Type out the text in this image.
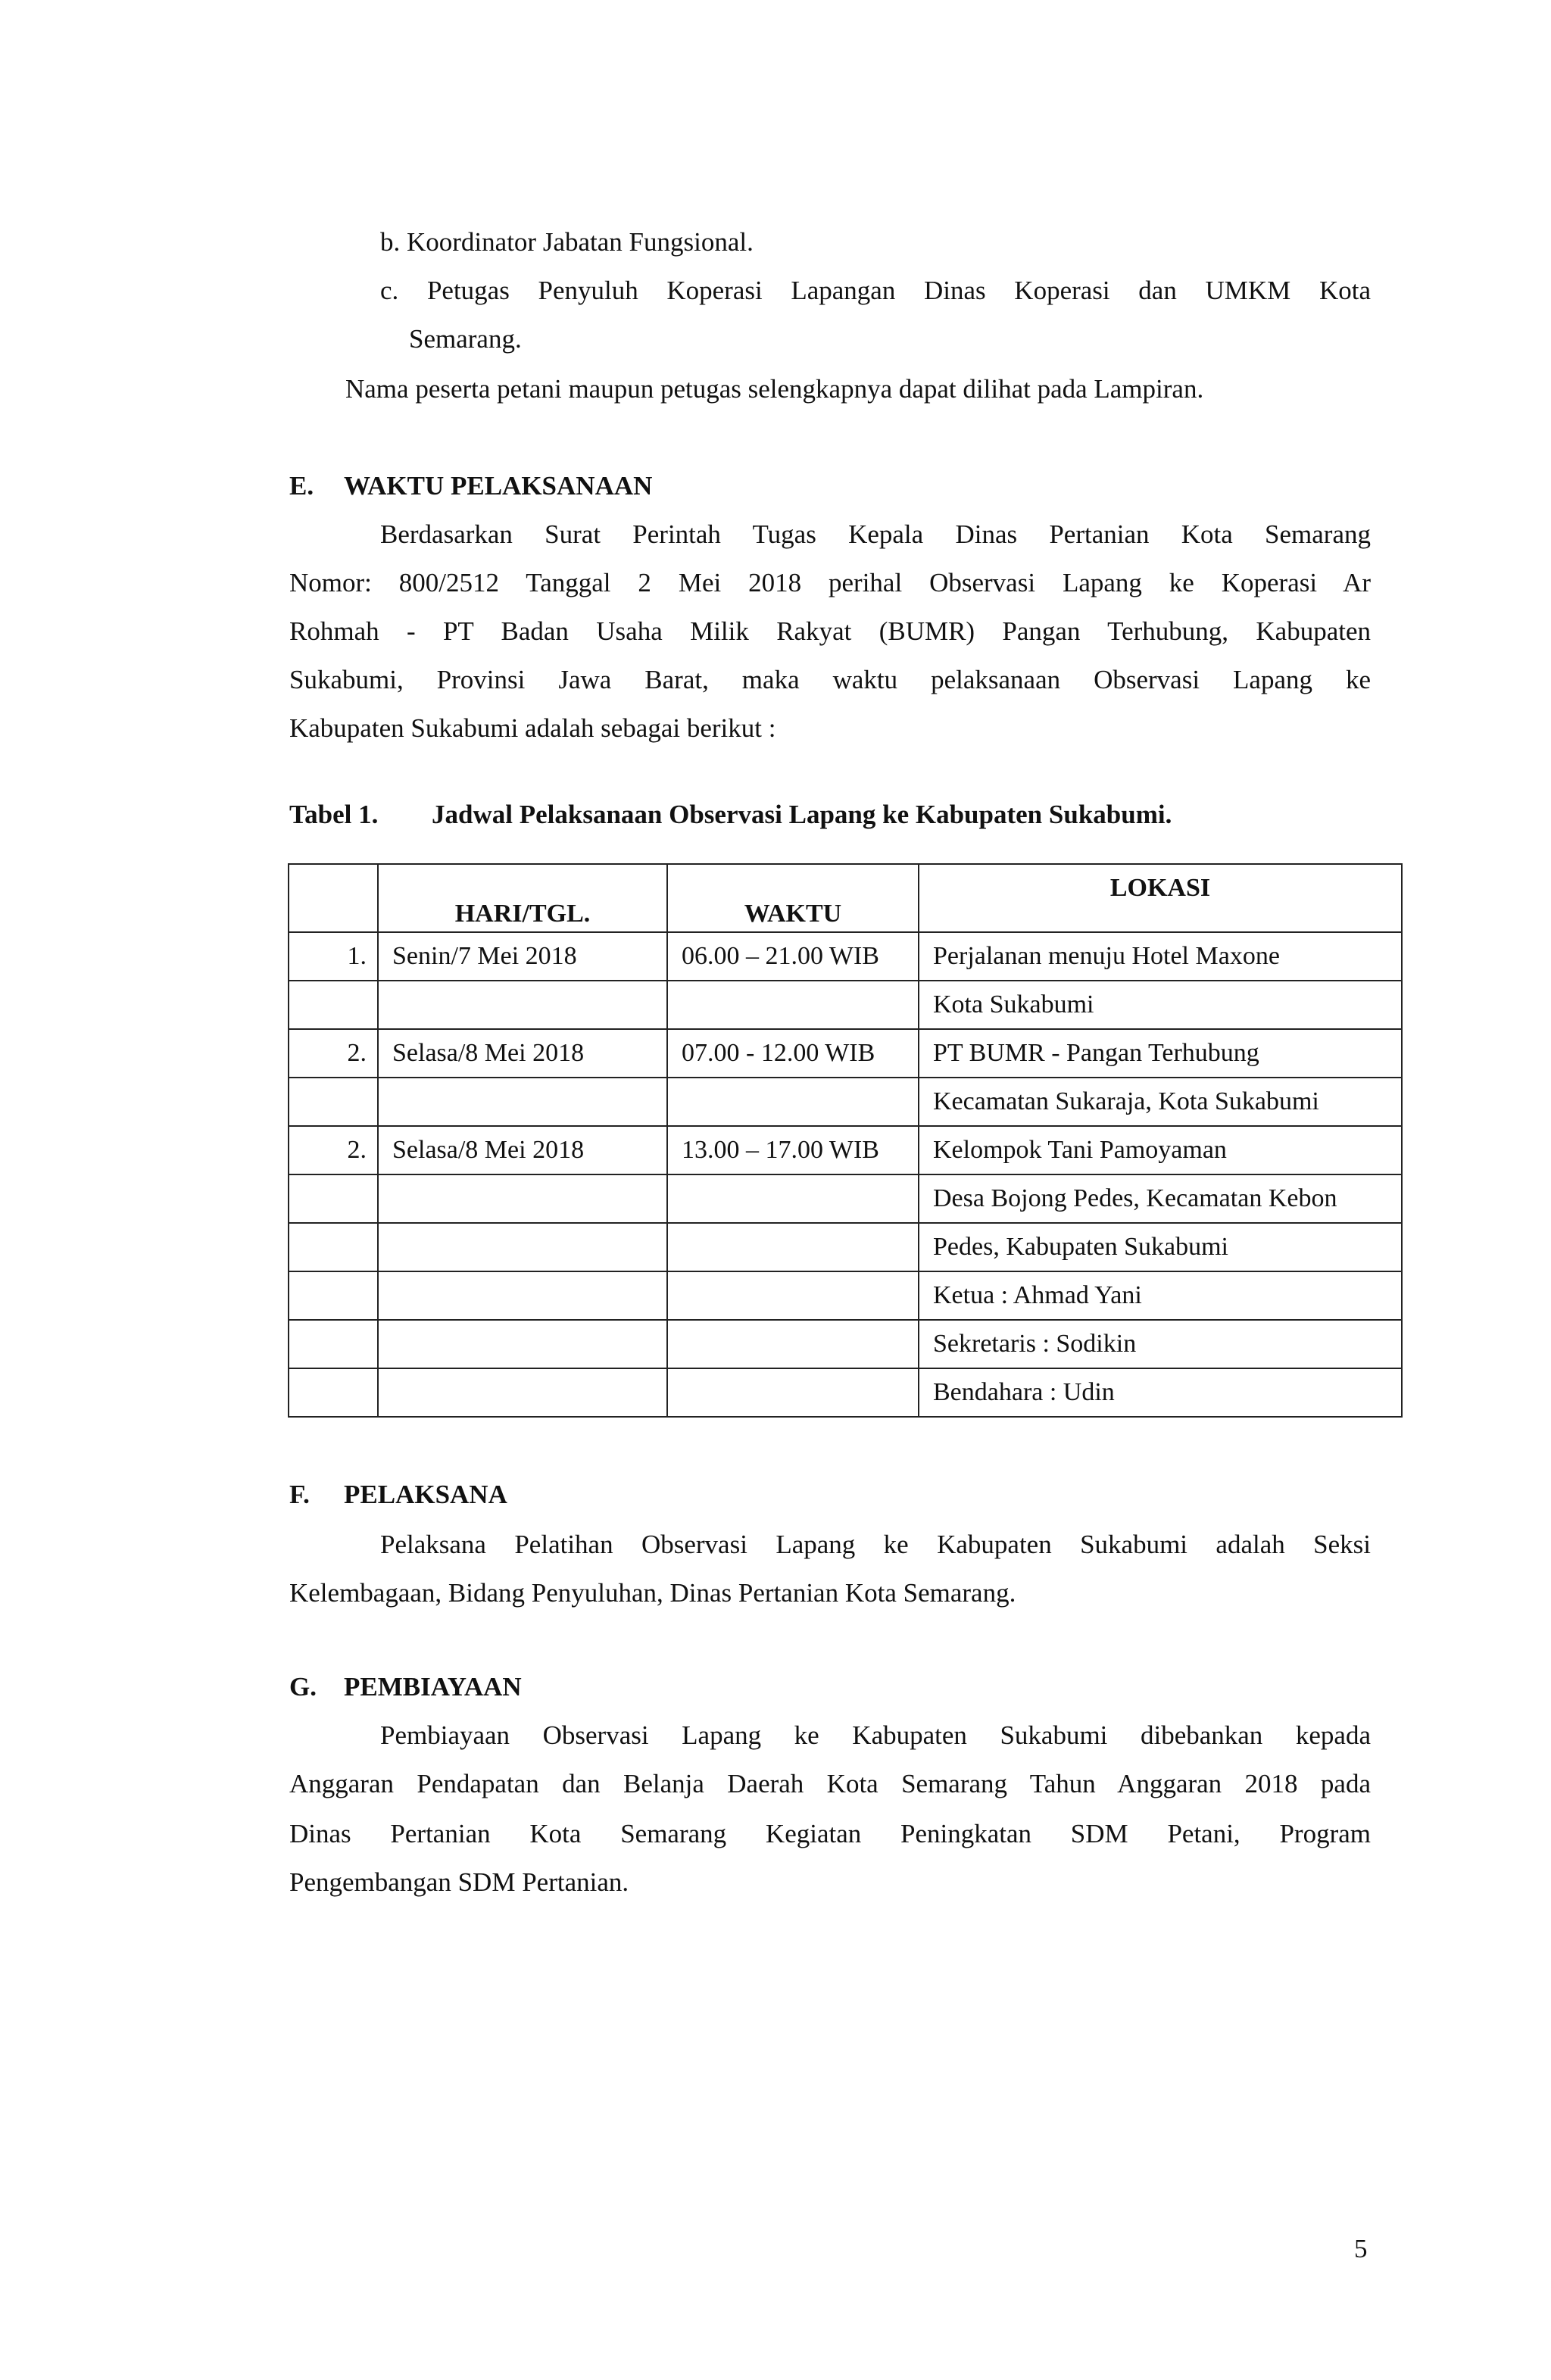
b. Koordinator Jabatan Fungsional.
c. Petugas Penyuluh Koperasi Lapangan Dinas Koperasi dan UMKM Kota
Semarang.
Nama peserta petani maupun petugas selengkapnya dapat dilihat pada Lampiran.
E. WAKTU PELAKSANAAN
Berdasarkan Surat Perintah Tugas Kepala Dinas Pertanian Kota Semarang
Nomor: 800/2512 Tanggal 2 Mei 2018 perihal Observasi Lapang ke Koperasi Ar
Rohmah - PT Badan Usaha Milik Rakyat (BUMR) Pangan Terhubung, Kabupaten
Sukabumi, Provinsi Jawa Barat, maka waktu pelaksanaan Observasi Lapang ke
Kabupaten Sukabumi adalah sebagai berikut :
Tabel 1. Jadwal Pelaksanaan Observasi Lapang ke Kabupaten Sukabumi.
	HARI/TGL.	WAKTU	LOKASI
1.	Senin/7 Mei 2018	06.00 – 21.00 WIB	Perjalanan menuju Hotel Maxone
			Kota Sukabumi
2.	Selasa/8 Mei 2018	07.00 - 12.00 WIB	PT BUMR - Pangan Terhubung
			Kecamatan Sukaraja, Kota Sukabumi
2.	Selasa/8 Mei 2018	13.00 – 17.00 WIB	Kelompok Tani Pamoyaman
			Desa Bojong Pedes, Kecamatan Kebon
			Pedes, Kabupaten Sukabumi
			Ketua : Ahmad Yani
			Sekretaris : Sodikin
			Bendahara : Udin
F. PELAKSANA
Pelaksana Pelatihan Observasi Lapang ke Kabupaten Sukabumi adalah Seksi
Kelembagaan, Bidang Penyuluhan, Dinas Pertanian Kota Semarang.
G. PEMBIAYAAN
Pembiayaan Observasi Lapang ke Kabupaten Sukabumi dibebankan kepada
Anggaran Pendapatan dan Belanja Daerah Kota Semarang Tahun Anggaran 2018 pada
Dinas Pertanian Kota Semarang Kegiatan Peningkatan SDM Petani, Program
Pengembangan SDM Pertanian.
5
